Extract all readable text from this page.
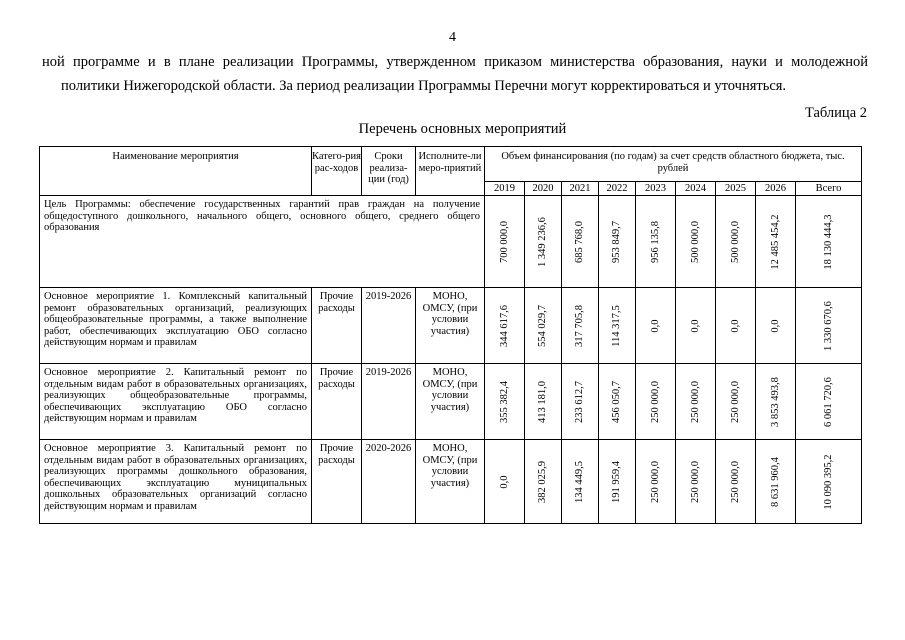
4
ной программе и в плане реализации Программы, утвержденном приказом министерства образования, науки и молодежной
политики Нижегородской области. За период реализации Программы Перечни могут корректироваться и уточняться.
Таблица 2
Перечень основных мероприятий
Наименование мероприятия	Катего-рия рас-ходов	Сроки реализа-ции (год)	Исполните-ли меро-приятий	Объем финансирования (по годам) за счет средств областного бюджета, тыс. рублей								
				2019	2020	2021	2022	2023	2024	2025	2026	Всего
Цель Программы: обеспечение государственных гарантий прав граждан на получение общедоступного дошкольного, начального общего, основного общего, среднего общего образования				700 000,0	1 349 236,6	685 768,0	953 849,7	956 135,8	500 000,0	500 000,0	12 485 454,2	18 130 444,3

Основное мероприятие 1. Комплексный капитальный ремонт образовательных организаций, реализующих общеобразовательные программы, а также выполнение работ, обеспечивающих эксплуатацию ОБО согласно действующим нормам и правилам	Прочие расходы	2019-2026	МОНО, ОМСУ, (при условии участия)	344 617,6	554 029,7	317 705,8	114 317,5	0,0	0,0	0,0	0,0	1 330 670,6

Основное мероприятие 2. Капитальный ремонт по отдельным видам работ в образовательных организациях, реализующих общеобразовательные программы, обеспечивающих эксплуатацию ОБО согласно действующим нормам и правилам	Прочие расходы	2019-2026	МОНО, ОМСУ, (при условии участия)	355 382,4	413 181,0	233 612,7	456 050,7	250 000,0	250 000,0	250 000,0	3 853 493,8	6 061 720,6

Основное мероприятие 3. Капитальный ремонт по отдельным видам работ в образовательных организациях, реализующих программы дошкольного образования, обеспечивающих эксплуатацию муниципальных дошкольных образовательных организаций согласно действующим нормам и правилам	Прочие расходы	2020-2026	МОНО, ОМСУ, (при условии участия)	0,0	382 025,9	134 449,5	191 959,4	250 000,0	250 000,0	250 000,0	8 631 960,4	10 090 395,2
